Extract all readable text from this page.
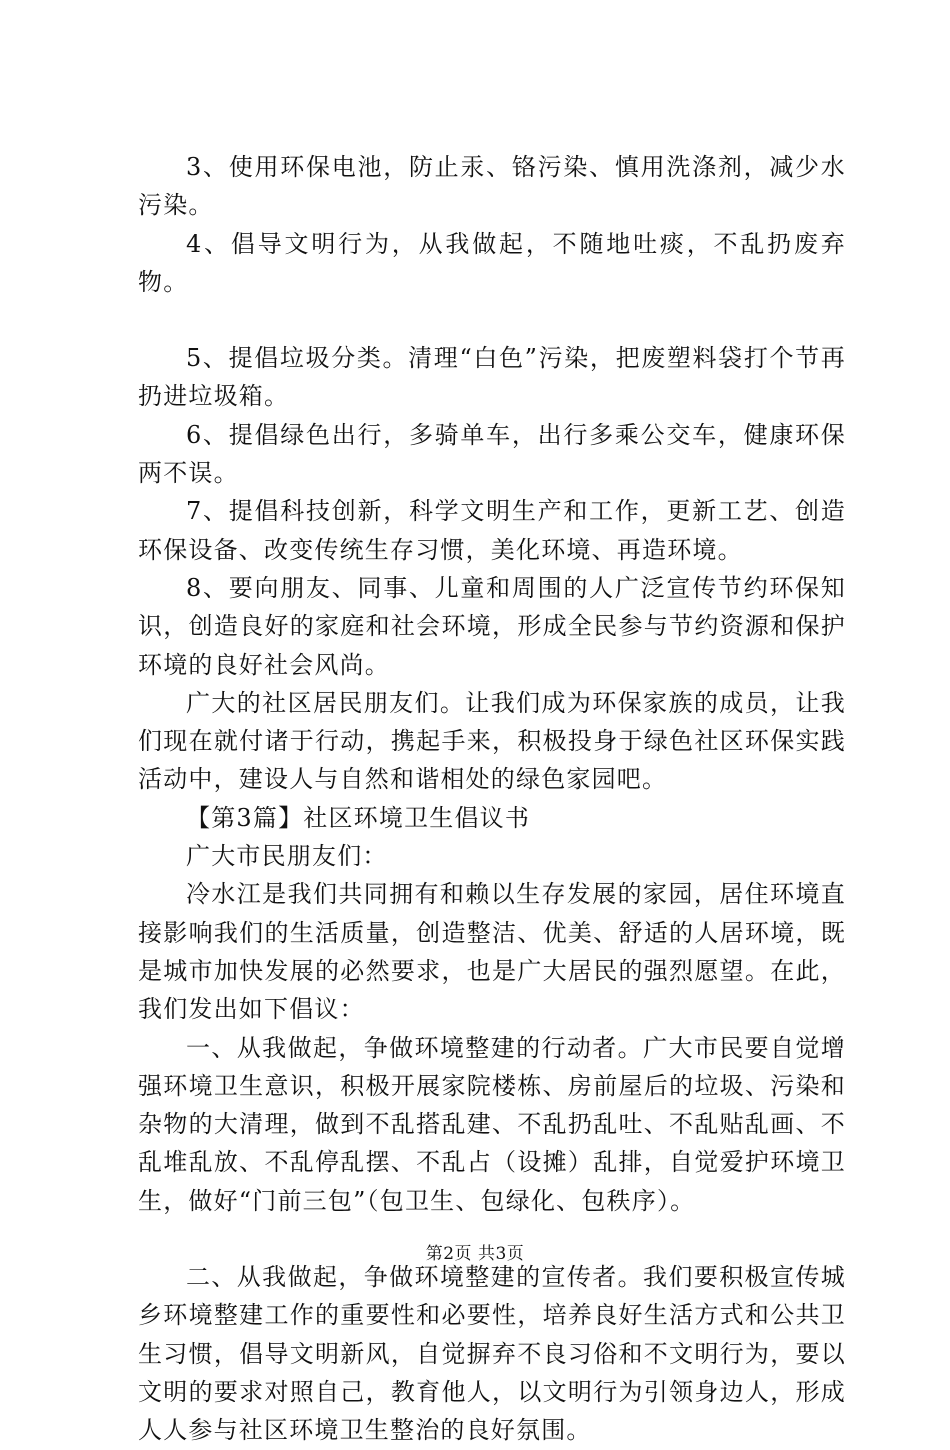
3、使用环保电池，防止汞、铬污染、慎用洗涤剂，减少水污染。

4、倡导文明行为，从我做起，不随地吐痰，不乱扔废弃物。

5、提倡垃圾分类。清理“白色”污染，把废塑料袋打个节再扔进垃圾箱。

6、提倡绿色出行，多骑单车，出行多乘公交车，健康环保两不误。

7、提倡科技创新，科学文明生产和工作，更新工艺、创造环保设备、改变传统生存习惯，美化环境、再造环境。

8、要向朋友、同事、儿童和周围的人广泛宣传节约环保知识，创造良好的家庭和社会环境，形成全民参与节约资源和保护环境的良好社会风尚。

广大的社区居民朋友们。让我们成为环保家族的成员，让我们现在就付诸于行动，携起手来，积极投身于绿色社区环保实践活动中，建设人与自然和谐相处的绿色家园吧。

【第3篇】社区环境卫生倡议书

广大市民朋友们：

冷水江是我们共同拥有和赖以生存发展的家园，居住环境直接影响我们的生活质量，创造整洁、优美、舒适的人居环境，既是城市加快发展的必然要求，也是广大居民的强烈愿望。在此，我们发出如下倡议：

一、从我做起，争做环境整建的行动者。广大市民要自觉增强环境卫生意识，积极开展家院楼栋、房前屋后的垃圾、污染和杂物的大清理，做到不乱搭乱建、不乱扔乱吐、不乱贴乱画、不乱堆乱放、不乱停乱摆、不乱占（设摊）乱排，自觉爱护环境卫生，做好“门前三包”（包卫生、包绿化、包秩序）。

二、从我做起，争做环境整建的宣传者。我们要积极宣传城乡环境整建工作的重要性和必要性，培养良好生活方式和公共卫生习惯，倡导文明新风，自觉摒弃不良习俗和不文明行为，要以文明的要求对照自己，教育他人，以文明行为引领身边人，形成人人参与社区环境卫生整治的良好氛围。

第2页 共3页
